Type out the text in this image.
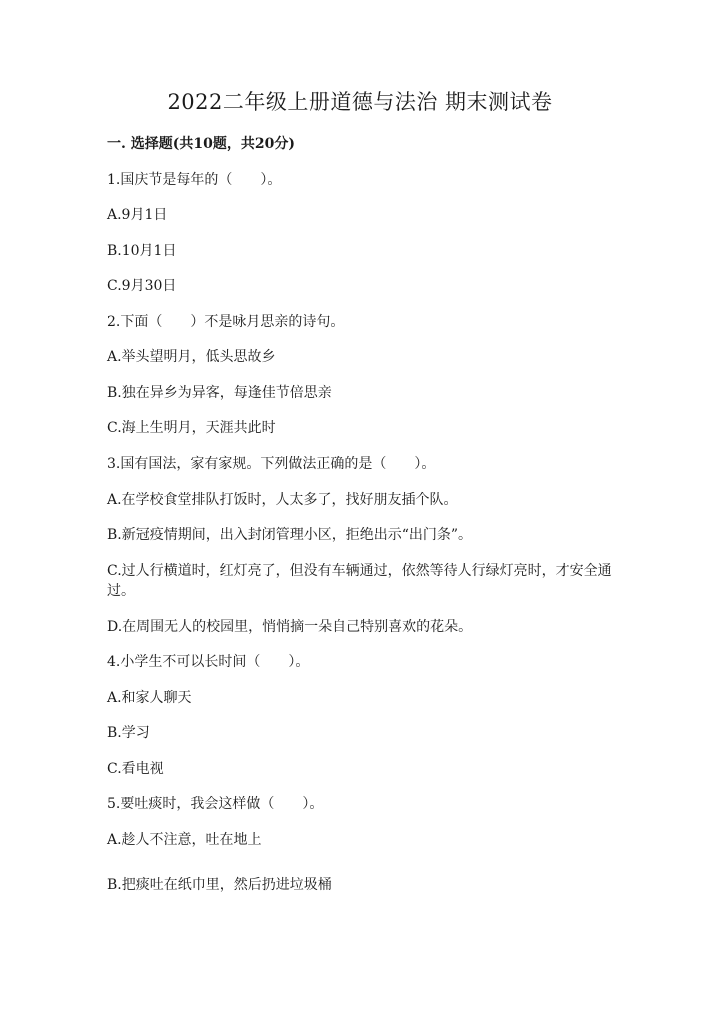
2022二年级上册道德与法治 期末测试卷
一. 选择题(共10题，共20分)
1.国庆节是每年的（　　）。
A.9月1日
B.10月1日
C.9月30日
2.下面（　　）不是咏月思亲的诗句。
A.举头望明月，低头思故乡
B.独在异乡为异客，每逢佳节倍思亲
C.海上生明月，天涯共此时
3.国有国法，家有家规。下列做法正确的是（　　）。
A.在学校食堂排队打饭时，人太多了，找好朋友插个队。
B.新冠疫情期间，出入封闭管理小区，拒绝出示“出门条”。
C.过人行横道时，红灯亮了，但没有车辆通过，依然等待人行绿灯亮时，才安全通过。
D.在周围无人的校园里，悄悄摘一朵自己特别喜欢的花朵。
4.小学生不可以长时间（　　）。
A.和家人聊天
B.学习
C.看电视
5.要吐痰时，我会这样做（　　）。
A.趁人不注意，吐在地上
B.把痰吐在纸巾里，然后扔进垃圾桶
